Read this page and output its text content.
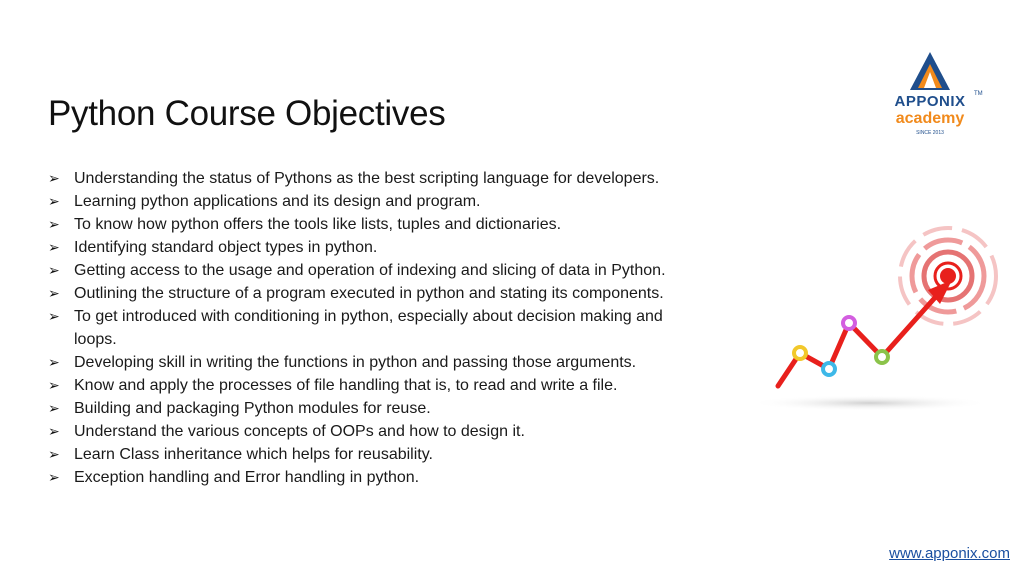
Python Course Objectives
➢ Understanding the status of Pythons as the best scripting language for developers.
➢ Learning python applications and its design and program.
➢ To know how python offers the tools like lists, tuples and dictionaries.
➢ Identifying standard object types in python.
➢ Getting access to the usage and operation of indexing and slicing of data in Python.
➢ Outlining the structure of a program executed in python and stating its components.
➢ To get introduced with conditioning in python, especially about decision making and loops.
➢ Developing skill in writing the functions in python and passing those arguments.
➢ Know and apply the processes of file handling that is, to read and write a file.
➢ Building and packaging Python modules for reuse.
➢ Understand the various concepts of OOPs and how to design it.
➢ Learn Class inheritance which helps for reusability.
➢ Exception handling and Error handling in python.
APPONIX	TM
academy
SINCE 2013
www.apponix.com
